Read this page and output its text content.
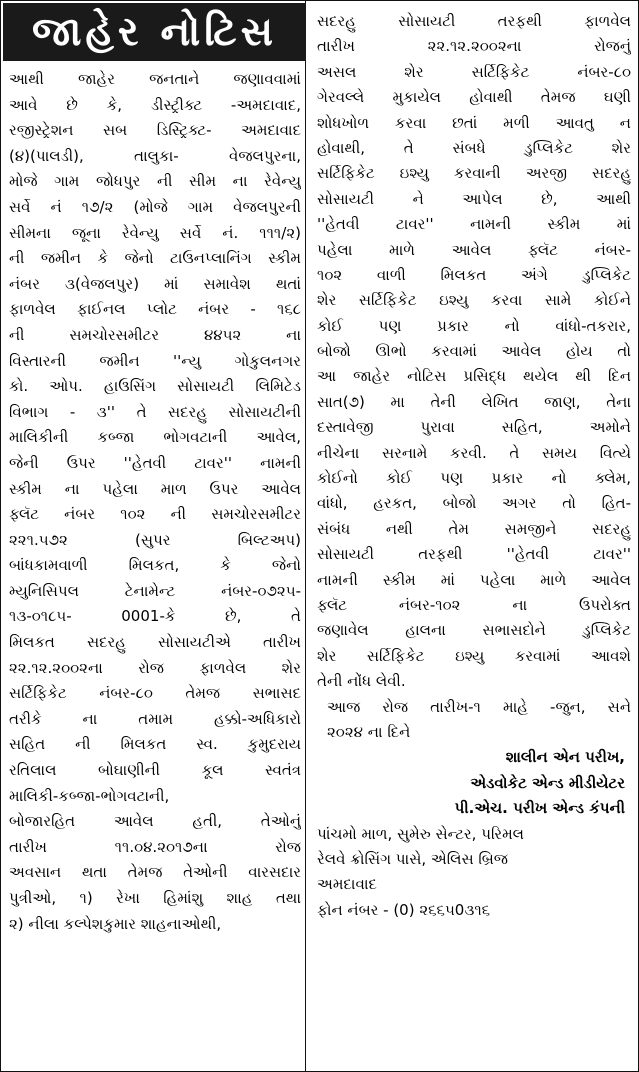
જાહેર નોટિસ
આથી જાહેર જનતાને જણાવવામાં
આવે છે કે, ડીસ્ટ્રીક્ટ -અમદાવાદ,
રજીસ્ટ્રેશન સબ ડિસ્ટ્રિક્ટ- અમદાવાદ
(૪)(પાલડી), તાલુકા- વેજલપુરના,
મોજે ગામ જોધપુર ની સીમ ના રેવેન્યુ
સર્વે નં ૧૭/૨ (મોજે ગામ વેજલપુરની
સીમના જૂના રેવેન્યુ સર્વે નં. ૧૧૧/૨)
ની જમીન કે જેનો ટાઉનપ્લાનિંગ સ્કીમ
નંબર ૩(વેજલપુર) માં સમાવેશ થતાં
ફાળવેલ ફાઈનલ પ્લોટ નંબર - ૧૬૮
ની સમચોરસમીટર ૪૪૫૨ ના
વિસ્તારની જમીન ''ન્યુ ગોકુલનગર
કો. ઓપ. હાઉસિંગ સોસાયટી લિમિટેડ
વિભાગ - ૩'' તે સદરહુ સોસાયટીની
માલિકીની કબ્જા ભોગવટાની આવેલ,
જેની ઉપર ''હેતવી ટાવર'' નામની
સ્કીમ ના પહેલા માળ ઉપર આવેલ
ફ્લૅટ નંબર ૧૦૨ ની સમચોરસમીટર
૨૨૧.૫૭૨ (સુપર બિલ્ટઅપ)
બાંધકામવાળી મિલકત, કે જેનો
મ્યુનિસિપલ ટેનામેન્ટ નંબર-૦૭૨૫-
૧૩-૦૧૮૫- 0001-કે છે, તે
મિલકત સદરહુ સોસાયટીએ તારીખ
૨૨.૧૨.૨૦૦૨ના રોજ ફાળવેલ શેર
સર્ટિફિકેટ નંબર-૮૦ તેમજ સભાસદ
તરીકે ના તમામ હક્કો-અધિકારો
સહિત ની મિલકત સ્વ. કુમુદરાય
રતિલાલ બોઘાણીની કૂલ સ્વતંત્ર
માલિકી-કબ્જા-ભોગવટાની,
બોજારહિત આવેલ હતી, તેઓનું
તારીખ ૧૧.૦૪.૨૦૧૭ના રોજ
અવસાન થતા તેમજ તેઓની વારસદાર
પુત્રીઓ, ૧) રેખા હિમાંશુ શાહ તથા
૨) નીલા કલ્પેશકુમાર શાહનાઓથી,
સદરહુ સોસાયટી તરફથી ફાળવેલ
તારીખ ૨૨.૧૨.૨૦૦૨ના રોજનું
અસલ શેર સર્ટિફિકેટ નંબર-૮૦
ગેરવલ્લે મુકાયેલ હોવાથી તેમજ ઘણી
શોધખોળ કરવા છતાં મળી આવતુ ન
હોવાથી, તે સંબધે ડુપ્લિકેટ શેર
સર્ટિફિકેટ ઇશ્યુ કરવાની અરજી સદરહુ
સોસાયટી ને આપેલ છે, આથી
''હેતવી ટાવર'' નામની સ્કીમ માં
પહેલા માળે આવેલ ફ્લૅટ નંબર-
૧૦૨ વાળી મિલકત અંગે ડુપ્લિકેટ
શેર સર્ટિફિકેટ ઇશ્યુ કરવા સામે કોઈને
કોઈ પણ પ્રકાર નો વાંધો-તકરાર,
બોજો ઊભો કરવામાં આવેલ હોય તો
આ જાહેર નોટિસ પ્રસિદ્ધ થયેલ થી દિન
સાત(૭) મા તેની લેખિત જાણ, તેના
દસ્તાવેજી પુરાવા સહિત, અમોને
નીચેના સરનામે કરવી. તે સમય વિત્યે
કોઈનો કોઈ પણ પ્રકાર નો ક્લેમ,
વાંધો, હરકત, બોજો અગર તો હિત-
સંબંધ નથી તેમ સમજીને સદરહુ
સોસાયટી તરફથી ''હેતવી ટાવર''
નામની સ્કીમ માં પહેલા માળે આવેલ
ફ્લૅટ નંબર-૧૦૨ ના ઉપરોક્ત
જણાવેલ હાલના સભાસદોને ડુપ્લિકેટ
શેર સર્ટિફિકેટ ઇશ્યુ કરવામાં આવશે
તેની નોંધ લેવી.
આજ રોજ તારીખ-૧ માહે -જુન, સને
૨૦૨૪ ના દિને
શાલીન એન પરીખ,
એડવોકેટ એન્ડ મીડીયેટર
પી.એચ. પરીખ એન્ડ કંપની
પાંચમો માળ, સુમેરુ સેન્ટર, પરિમલ
રેલવે ક્રોસિંગ પાસે, એલિસ બ્રિજ
અમદાવાદ
ફોન નંબર - (0) ૨૬૬૫0૩૧૬
